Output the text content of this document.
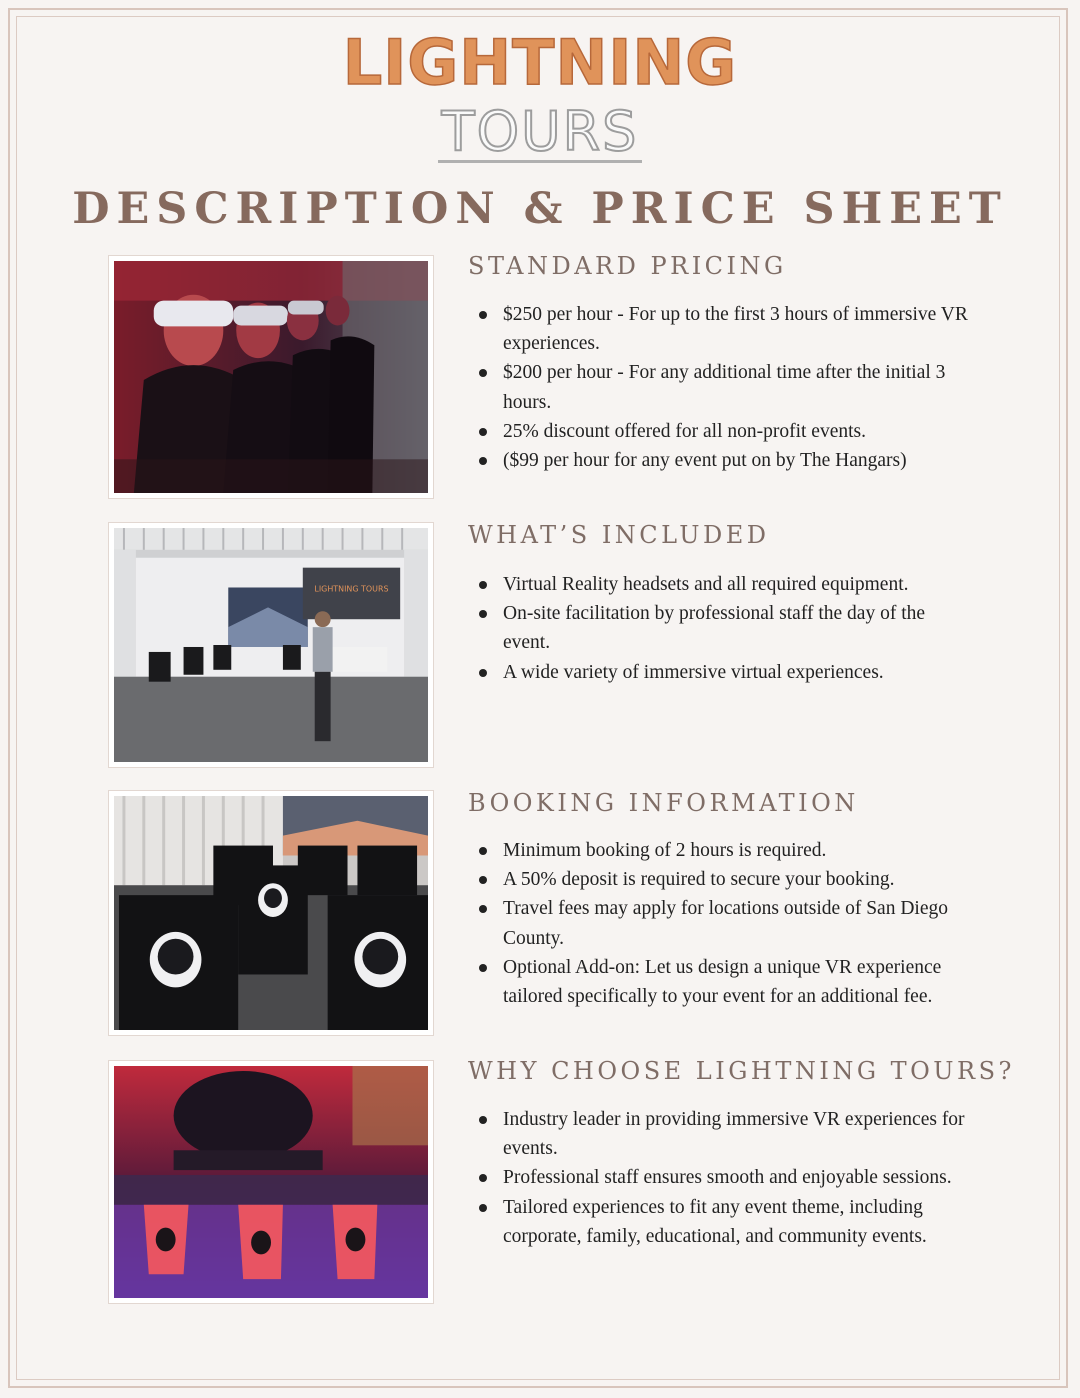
LIGHTNING
TOURS
DESCRIPTION & PRICE SHEET
STANDARD PRICING
$250 per hour - For up to the first 3 hours of immersive VR experiences.
$200 per hour - For any additional time after the initial 3 hours.
25% discount offered for all non-profit events.
($99 per hour for any event put on by The Hangars)
LIGHTNING TOURS
WHAT’S INCLUDED
Virtual Reality headsets and all required equipment.
On-site facilitation by professional staff the day of the event.
A wide variety of immersive virtual experiences.
BOOKING INFORMATION
Minimum booking of 2 hours is required.
A 50% deposit is required to secure your booking.
Travel fees may apply for locations outside of San Diego County.
Optional Add-on: Let us design a unique VR experience tailored specifically to your event for an additional fee.
WHY CHOOSE LIGHTNING TOURS?
Industry leader in providing immersive VR experiences for events.
Professional staff ensures smooth and enjoyable sessions.
Tailored experiences to fit any event theme, including corporate, family, educational, and community events.
